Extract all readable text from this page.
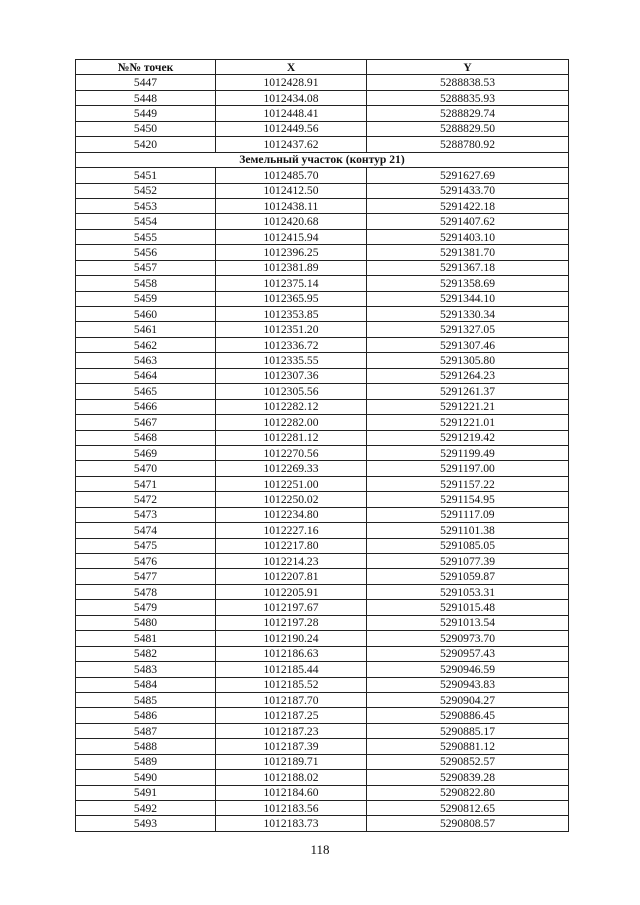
№№ точек	X	Y
5447	1012428.91	5288838.53
5448	1012434.08	5288835.93
5449	1012448.41	5288829.74
5450	1012449.56	5288829.50
5420	1012437.62	5288780.92
Земельный участок (контур 21)		
5451	1012485.70	5291627.69
5452	1012412.50	5291433.70
5453	1012438.11	5291422.18
5454	1012420.68	5291407.62
5455	1012415.94	5291403.10
5456	1012396.25	5291381.70
5457	1012381.89	5291367.18
5458	1012375.14	5291358.69
5459	1012365.95	5291344.10
5460	1012353.85	5291330.34
5461	1012351.20	5291327.05
5462	1012336.72	5291307.46
5463	1012335.55	5291305.80
5464	1012307.36	5291264.23
5465	1012305.56	5291261.37
5466	1012282.12	5291221.21
5467	1012282.00	5291221.01
5468	1012281.12	5291219.42
5469	1012270.56	5291199.49
5470	1012269.33	5291197.00
5471	1012251.00	5291157.22
5472	1012250.02	5291154.95
5473	1012234.80	5291117.09
5474	1012227.16	5291101.38
5475	1012217.80	5291085.05
5476	1012214.23	5291077.39
5477	1012207.81	5291059.87
5478	1012205.91	5291053.31
5479	1012197.67	5291015.48
5480	1012197.28	5291013.54
5481	1012190.24	5290973.70
5482	1012186.63	5290957.43
5483	1012185.44	5290946.59
5484	1012185.52	5290943.83
5485	1012187.70	5290904.27
5486	1012187.25	5290886.45
5487	1012187.23	5290885.17
5488	1012187.39	5290881.12
5489	1012189.71	5290852.57
5490	1012188.02	5290839.28
5491	1012184.60	5290822.80
5492	1012183.56	5290812.65
5493	1012183.73	5290808.57
118
